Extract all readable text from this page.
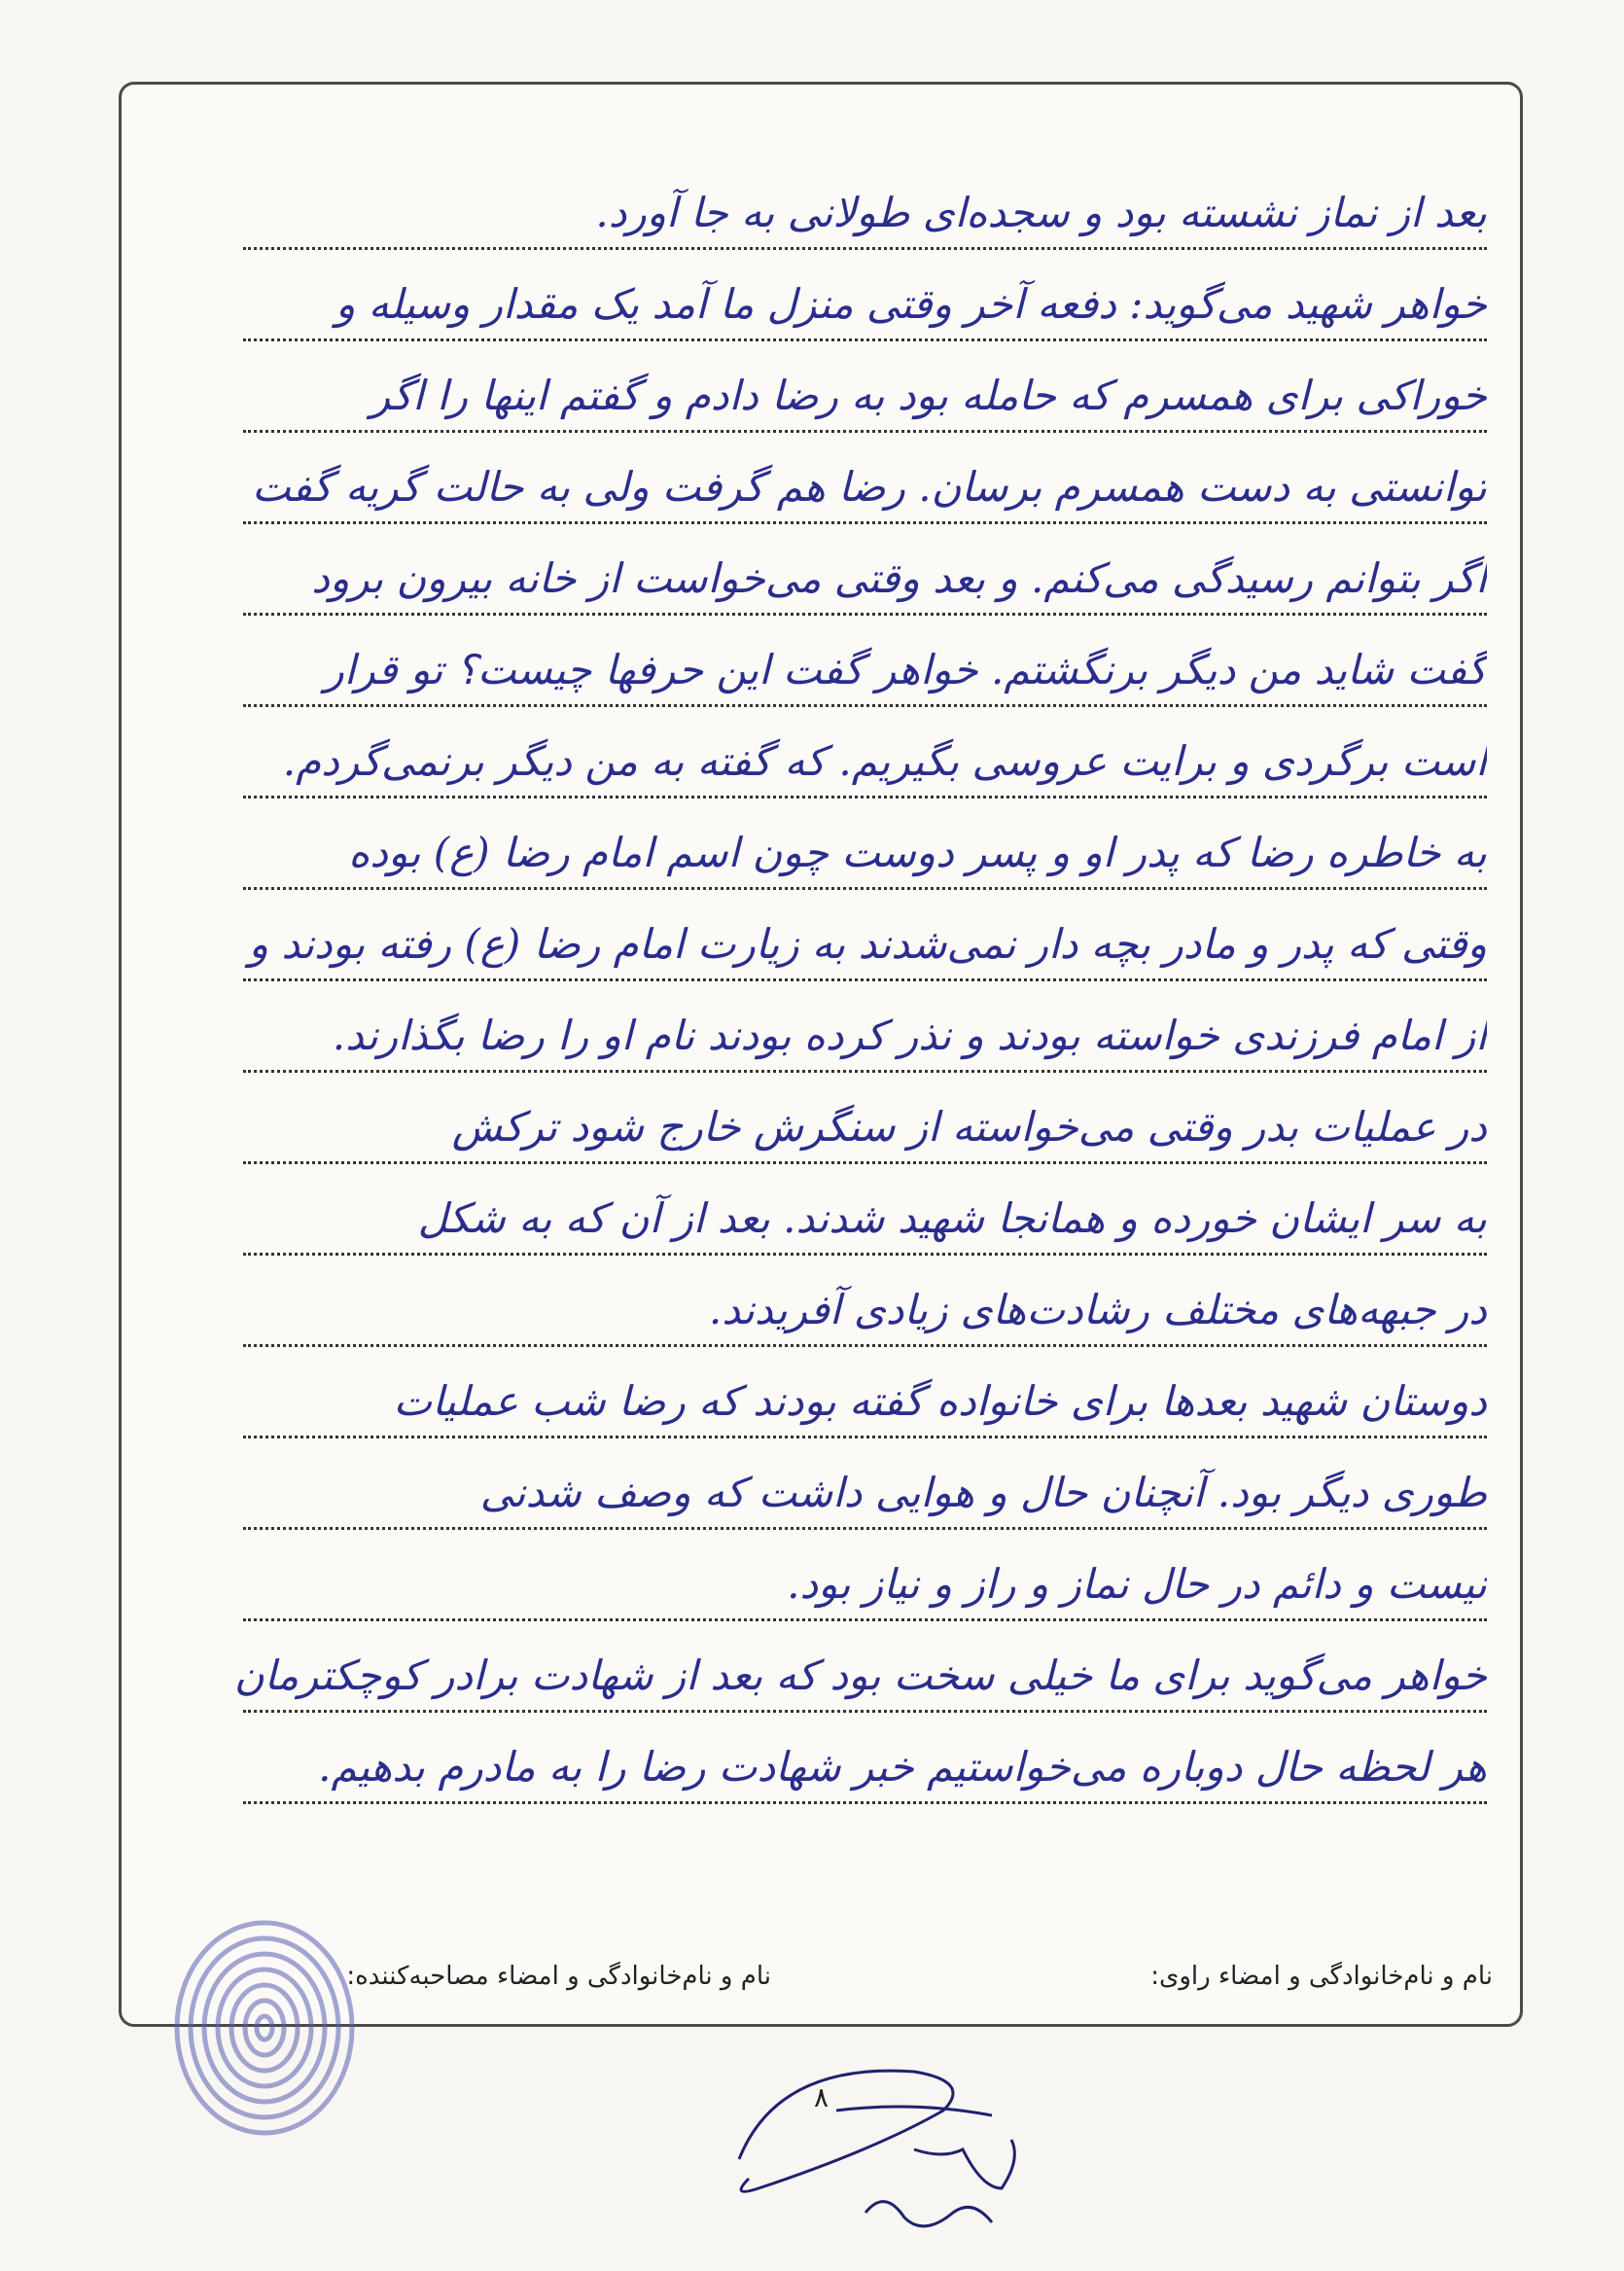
بعد از نماز نشسته بود و سجده‌ای طولانی به جا آورد.
خواهر شهید می‌گوید: دفعه آخر وقتی منزل ما آمد یک مقدار وسیله و
خوراکی برای همسرم که حامله بود به رضا دادم و گفتم اینها را اگر
توانستی به دست همسرم برسان. رضا هم گرفت ولی به حالت گریه گفت
اگر بتوانم رسیدگی می‌کنم. و بعد وقتی می‌خواست از خانه بیرون برود
گفت شاید من دیگر برنگشتم. خواهر گفت این حرفها چیست؟ تو قرار
است برگردی و برایت عروسی بگیریم. که گفته به من دیگر برنمی‌گردم.
به خاطره رضا که پدر او و پسر دوست چون اسم امام رضا (ع) بوده
وقتی که پدر و مادر بچه دار نمی‌شدند به زیارت امام رضا (ع) رفته بودند و
از امام فرزندی خواسته بودند و نذر کرده بودند نام او را رضا بگذارند.
در عملیات بدر وقتی می‌خواسته از سنگرش خارج شود ترکش
به سر ایشان خورده و همانجا شهید شدند. بعد از آن که به شکل
در جبهه‌های مختلف رشادت‌های زیادی آفریدند.
دوستان شهید بعدها برای خانواده گفته بودند که رضا شب عملیات
طوری دیگر بود. آنچنان حال و هوایی داشت که وصف شدنی
نیست و دائم در حال نماز و راز و نیاز بود.
خواهر می‌گوید برای ما خیلی سخت بود که بعد از شهادت برادر کوچکترمان
هر لحظه حال دوباره می‌خواستیم خبر شهادت رضا را به مادرم بدهیم.
نام و نام‌خانوادگی و امضاء راوی:
نام و نام‌خانوادگی و امضاء مصاحبه‌کننده:
۸
